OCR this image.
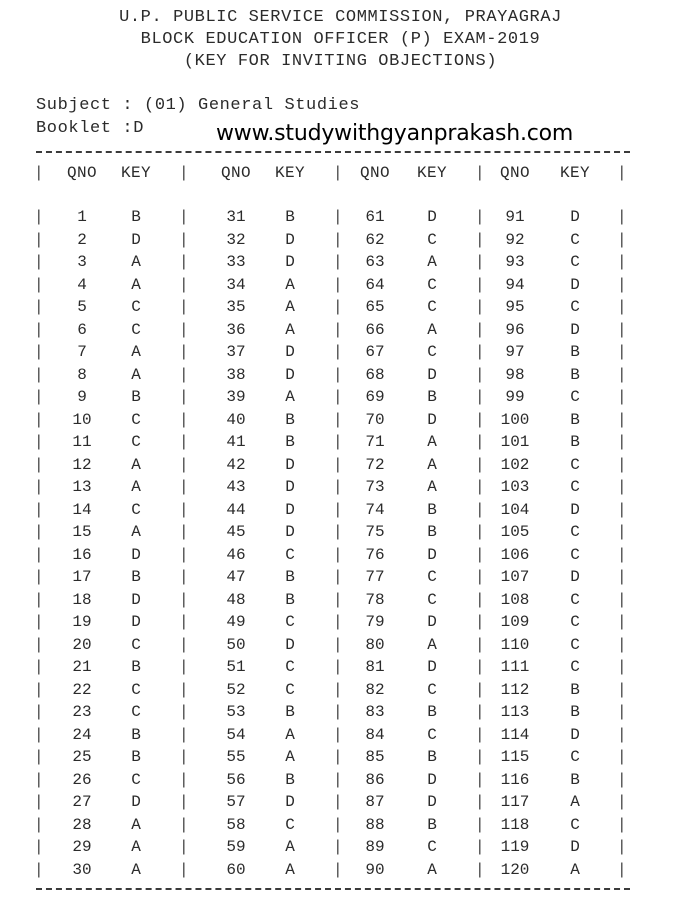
U.P. PUBLIC SERVICE COMMISSION, PRAYAGRAJ
BLOCK EDUCATION OFFICER (P) EXAM-2019
(KEY FOR INVITING OBJECTIONS)
Subject : (01) General Studies
Booklet :D	www.studywithgyanprakash.com
QNO	KEY	QNO	KEY	QNO	KEY	QNO	KEY
|	|	|	|	|
1	B	31	B	61	D	91	D
|	|	|	|	|
2	D	32	D	62	C	92	C
|	|	|	|	|
3	A	33	D	63	A	93	C
|	|	|	|	|
4	A	34	A	64	C	94	D
|	|	|	|	|
5	C	35	A	65	C	95	C
|	|	|	|	|
6	C	36	A	66	A	96	D
|	|	|	|	|
7	A	37	D	67	C	97	B
|	|	|	|	|
8	A	38	D	68	D	98	B
|	|	|	|	|
9	B	39	A	69	B	99	C
|	|	|	|	|
10	C	40	B	70	D	100	B
|	|	|	|	|
11	C	41	B	71	A	101	B
|	|	|	|	|
12	A	42	D	72	A	102	C
|	|	|	|	|
13	A	43	D	73	A	103	C
|	|	|	|	|
14	C	44	D	74	B	104	D
|	|	|	|	|
15	A	45	D	75	B	105	C
|	|	|	|	|
16	D	46	C	76	D	106	C
|	|	|	|	|
17	B	47	B	77	C	107	D
|	|	|	|	|
18	D	48	B	78	C	108	C
|	|	|	|	|
19	D	49	C	79	D	109	C
|	|	|	|	|
20	C	50	D	80	A	110	C
|	|	|	|	|
21	B	51	C	81	D	111	C
|	|	|	|	|
22	C	52	C	82	C	112	B
|	|	|	|	|
23	C	53	B	83	B	113	B
|	|	|	|	|
24	B	54	A	84	C	114	D
|	|	|	|	|
25	B	55	A	85	B	115	C
|	|	|	|	|
26	C	56	B	86	D	116	B
|	|	|	|	|
27	D	57	D	87	D	117	A
|	|	|	|	|
28	A	58	C	88	B	118	C
|	|	|	|	|
29	A	59	A	89	C	119	D
|	|	|	|	|
30	A	60	A	90	A	120	A
|	|	|	|	|
